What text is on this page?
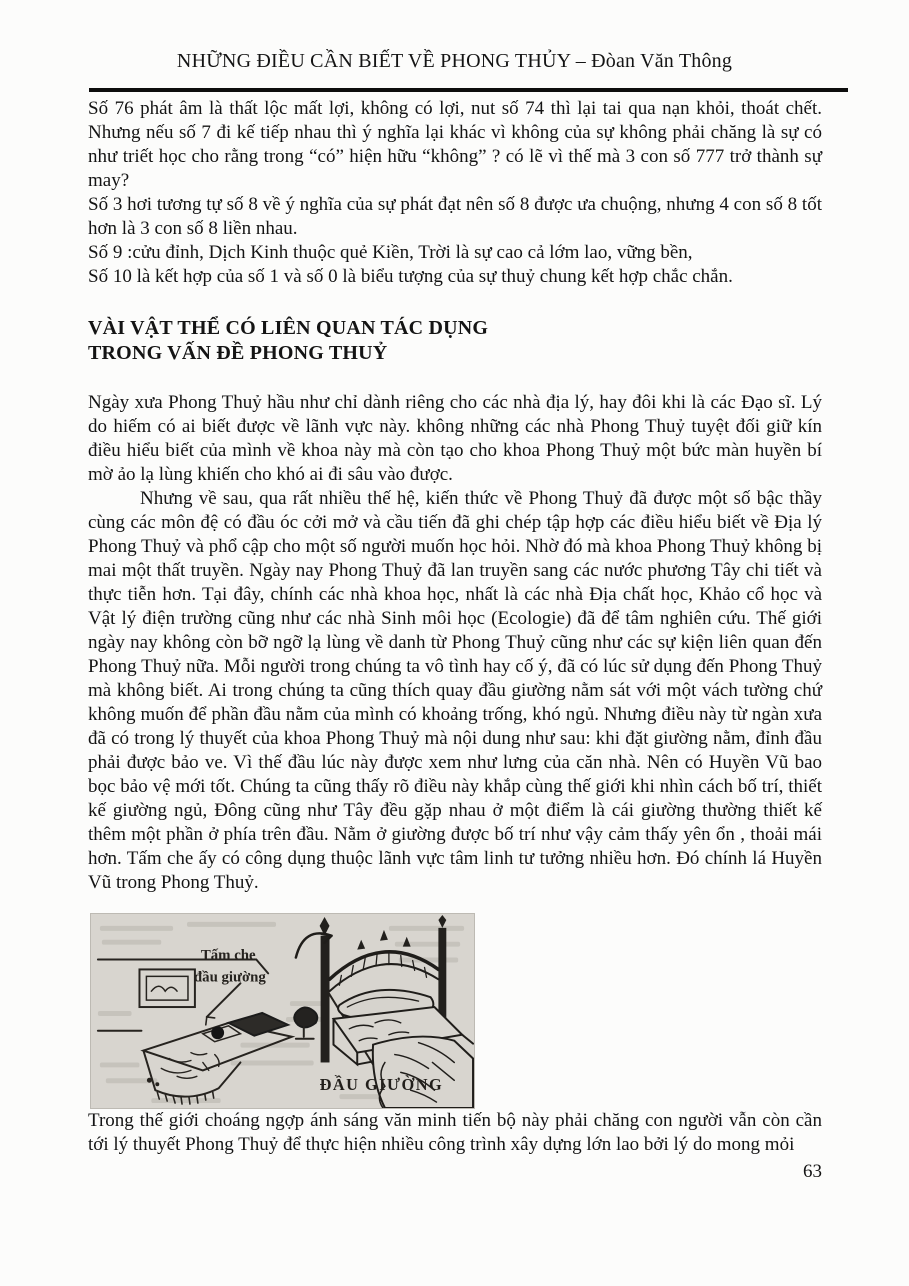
NHỮNG ĐIỀU CẦN BIẾT VỀ PHONG THỦY – Đòan Văn Thông

Số 76 phát âm là thất lộc mất lợi, không có lợi, nut số 74 thì lại tai qua nạn khỏi, thoát chết. Nhưng nếu số 7 đi kế tiếp nhau thì ý nghĩa lại khác vì không của sự không phải chăng là sự có như triết học cho rằng trong “có” hiện hữu “không” ? có lẽ vì thế mà 3 con số 777 trở thành sự may?

Số 3 hơi tương tự số 8 về ý nghĩa của sự phát đạt nên số 8 được ưa chuộng, nhưng 4 con số 8 tốt hơn là 3 con số 8 liền nhau.

Số 9 :cửu đỉnh, Dịch Kinh thuộc quẻ Kiền, Trời là sự cao cả lớm lao, vững bền,

Số 10 là kết hợp của số 1 và số 0 là biểu tượng của sự thuỷ chung kết hợp chắc chắn.

VÀI VẬT THỂ CÓ LIÊN QUAN TÁC DỤNG
TRONG VẤN ĐỀ PHONG THUỶ

Ngày xưa Phong Thuỷ hầu như chỉ dành riêng cho các nhà địa lý, hay đôi khi là các Đạo sĩ. Lý do hiếm có ai biết được về lãnh vực này. không những các nhà Phong Thuỷ tuyệt đối giữ kín điều hiểu biết của mình về khoa này mà còn tạo cho khoa Phong Thuỷ một bức màn huyền bí mờ ảo lạ lùng khiến cho khó ai đi sâu vào được.

Nhưng về sau, qua rất nhiều thế hệ, kiến thức về Phong Thuỷ đã được một số bậc thầy cùng các môn đệ có đầu óc cởi mở và cầu tiến đã ghi chép tập hợp các điều hiểu biết về Địa lý Phong Thuỷ và phổ cập cho một số người muốn học hỏi. Nhờ đó mà khoa Phong Thuỷ không bị mai một thất truyền. Ngày nay Phong Thuỷ đã lan truyền sang các nước phương Tây chi tiết và thực tiễn hơn. Tại đây, chính các nhà khoa học, nhất là các nhà Địa chất học, Khảo cổ học và Vật lý điện trường cũng như các nhà Sinh môi học (Ecologie) đã để tâm nghiên cứu. Thế giới ngày nay không còn bỡ ngỡ lạ lùng về danh từ Phong Thuỷ cũng như các sự kiện liên quan đến Phong Thuỷ nữa. Mỗi người trong chúng ta vô tình hay cố ý, đã có lúc sử dụng đến Phong Thuỷ mà không biết. Ai trong chúng ta cũng thích quay đầu giường nằm sát với một vách tường chứ không muốn để phần đầu nằm của mình có khoảng trống, khó ngủ. Nhưng điều này từ ngàn xưa đã có trong lý thuyết của khoa Phong Thuỷ mà nội dung như sau: khi đặt giường nằm, đỉnh đầu phải được bảo ve. Vì thế đầu lúc này được xem như lưng của căn nhà. Nên có Huyền Vũ bao bọc bảo vệ mới tốt. Chúng ta cũng thấy rõ điều này khắp cùng thế giới khi nhìn cách bố trí, thiết kế giường ngủ, Đông cũng như Tây đều gặp nhau ở một điểm là cái giường thường thiết kế thêm một phần ở phía trên đầu. Nằm ở giường được bố trí như vậy cảm thấy yên ổn , thoải mái hơn. Tấm che ấy có công dụng thuộc lãnh vực tâm linh tư tưởng nhiều hơn. Đó chính lá Huyền Vũ trong Phong Thuỷ.

Tấm che
đầu giường
ĐẦU GIƯỜNG

Trong thế giới choáng ngợp ánh sáng văn minh tiến bộ này phải chăng con người vẫn còn cần tới lý thuyết Phong Thuỷ để thực hiện nhiều công trình xây dựng lớn lao bởi lý do mong mỏi

63
